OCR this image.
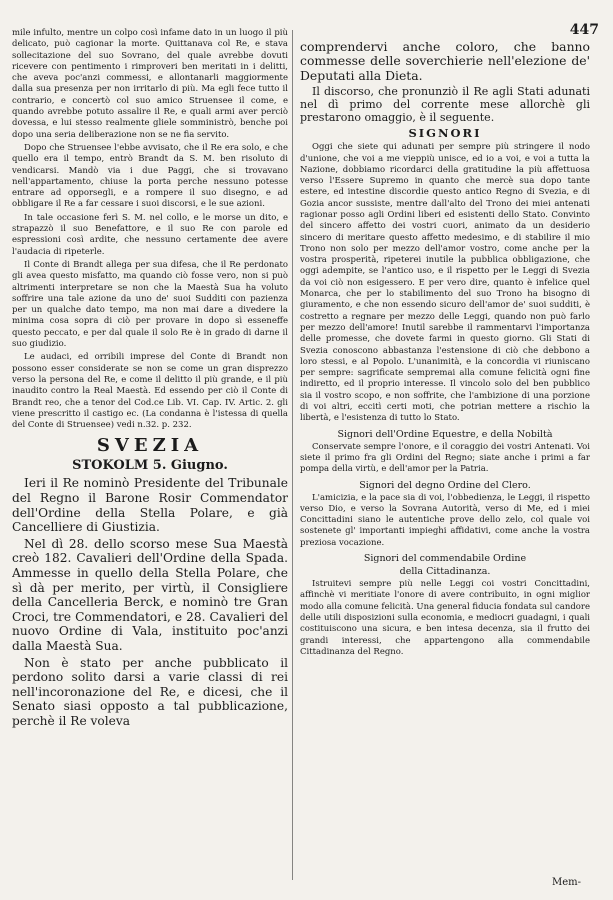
447

mile infulto, mentre un colpo così infame dato in un luogo il più delicato, può cagionar la morte. Quittanava col Re, e stava sollecitazione del suo Sovrano, del quale avrebbe dovuti ricevere con pentimento i rimproveri ben meritati in i delitti, che aveva poc'anzi commessi, e allontanarli maggiormente dalla sua presenza per non irritarlo di più. Ma egli fece tutto il contrario, e concertò col suo amico Struensee il come, e quando avrebbe potuto assalire il Re, e quali armi aver perciò dovessa, e lui stesso realmente gliele somministrò, benche poi dopo una seria deliberazione non se ne fia servito.

Dopo che Struensee l'ebbe avvisato, che il Re era solo, e che quello era il tempo, entrò Brandt da S. M. ben risoluto di vendicarsi. Mandò via i due Paggi, che si trovavano nell'appartamento, chiuse la porta perche nessuno potesse entrare ad opporsegli, e a rompere il suo disegno, e ad obbligare il Re a far cessare i suoi discorsi, e le sue azioni.

In tale occasione ferì S. M. nel collo, e le morse un dito, e strapazzò il suo Benefattore, e il suo Re con parole ed espressioni così ardite, che nessuno certamente dee avere l'audacia di ripeterle.

Il Conte di Brandt allega per sua difesa, che il Re perdonato gli avea questo misfatto, ma quando ciò fosse vero, non si può altrimenti interpretare se non che la Maestà Sua ha voluto soffrire una tale azione da uno de' suoi Sudditi con pazienza per un qualche dato tempo, ma non mai dare a divedere la minima cosa sopra di ciò per provare in dopo sì esseneffe questo peccato, e per dal quale il solo Re è in grado di darne il suo giudizio.

Le audaci, ed orribili imprese del Conte di Brandt non possono esser considerate se non se come un gran disprezzo verso la persona del Re, e come il delitto il più grande, e il più inaudito contro la Real Maestà. Ed essendo per ciò il Conte di Brandt reo, che a tenor del Cod.ce Lib. VI. Cap. IV. Artic. 2. gli viene prescritto il castigo ec. (La condanna è l'istessa di quella del Conte di Struensee) vedi n.32. p. 232.

SVEZIA
STOKOLM 5. Giugno.

Ieri il Re nominò Presidente del Tribunale del Regno il Barone Rosir Commendator dell'Ordine della Stella Polare, e già Cancelliere di Giustizia.

Nel dì 28. dello scorso mese Sua Maestà creò 182. Cavalieri dell'Ordine della Spada. Ammesse in quello della Stella Polare, che sì dà per merito, per virtù, il Consigliere della Cancelleria Berck, e nominò tre Gran Croci, tre Commendatori, e 28. Cavalieri del nuovo Ordine di Vala, instituito poc'anzi dalla Maestà Sua.

Non è stato per anche pubblicato il perdono solito darsi a varie classi di rei nell'incoronazione del Re, e dicesi, che il Senato siasi opposto a tal pubblicazione, perchè il Re voleva

comprendervi anche coloro, che banno commesse delle soverchierie nell'elezione de' Deputati alla Dieta.

Il discorso, che pronunziò il Re agli Stati adunati nel dì primo del corrente mese allorchè gli prestarono omaggio, è il seguente.

SIGNORI

Oggi che siete qui adunati per sempre più stringere il nodo d'unione, che voi a me vieppiù unisce, ed io a voi, e voi a tutta la Nazione, dobbiamo ricordarci della gratitudine la più affettuosa verso l'Essere Supremo in quanto che mercè sua dopo tante estere, ed intestine discordie questo antico Regno di Svezia, e di Gozia ancor sussiste, mentre dall'alto del Trono dei miei antenati ragionar posso agli Ordini liberi ed esistenti dello Stato. Convinto del sincero affetto dei vostri cuori, animato da un desiderio sincero di meritare questo affetto medesimo, e di stabilire il mio Trono non solo per mezzo dell'amor vostro, come anche per la vostra prosperità, ripeterei inutile la pubblica obbligazione, che oggi adempite, se l'antico uso, e il rispetto per le Leggi di Svezia da voi ciò non esigessero. E per vero dire, quanto è infelice quel Monarca, che per lo stabilimento del suo Trono ha bisogno di giuramento, e che non essendo sicuro dell'amor de' suoi sudditi, è costretto a regnare per mezzo delle Leggi, quando non può farlo per mezzo dell'amore! Inutil sarebbe il rammentarvi l'importanza delle promesse, che dovete farmi in questo giorno. Gli Stati di Svezia conoscono abbastanza l'estensione di ciò che debbono a loro stessi, e al Popolo. L'unanimità, e la concordia vi riuniscano per sempre: sagrificate sempremai alla comune felicità ogni fine indiretto, ed il proprio interesse. Il vincolo solo del ben pubblico sia il vostro scopo, e non soffrite, che l'ambizione di una porzione di voi altri, eccitì certi moti, che potrian mettere a rischio la libertà, e l'esistenza di tutto lo Stato.

Signori dell'Ordine Equestre, e della Nobiltà

Conservate sempre l'onore, e il coraggio dei vostri Antenati. Voi siete il primo fra gli Ordini del Regno; siate anche i primi a far pompa della virtù, e dell'amor per la Patria.

Signori del degno Ordine del Clero.

L'amicizia, e la pace sia di voi, l'obbedienza, le Leggi, il rispetto verso Dio, e verso la Sovrana Autorità, verso di Me, ed i miei Concittadini siano le autentiche prove dello zelo, col quale voi sostenete gl' importanti impieghi affidativi, come anche la vostra preziosa vocazione.

Signori del commendabile Ordine
della Cittadinanza.

Istruitevi sempre più nelle Leggi coi vostri Concittadini, affinchè vi meritiate l'onore di avere contribuito, in ogni miglior modo alla comune felicità. Una general fiducia fondata sul candore delle utili disposizioni sulla economia, e mediocri guadagni, i quali costituiscono una sicura, e ben intesa decenza, sia il frutto dei grandi interessi, che appartengono alla commendabile Cittadinanza del Regno.

Mem-
